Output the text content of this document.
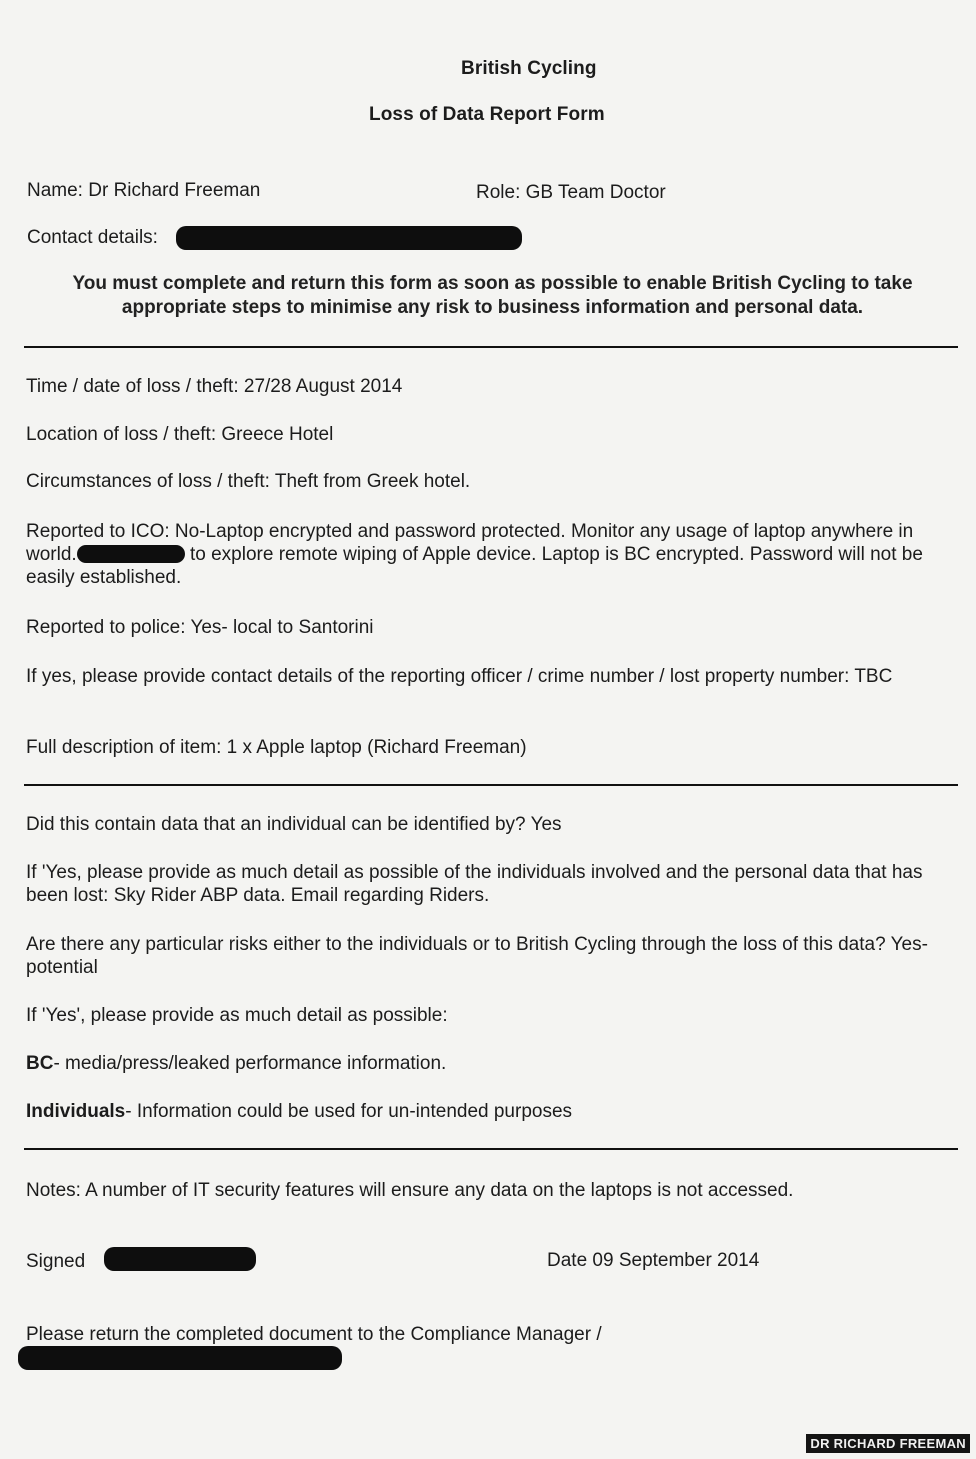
British Cycling
Loss of Data Report Form
Name: Dr Richard Freeman	Role: GB Team Doctor
Contact details:
You must complete and return this form as soon as possible to enable British Cycling to take appropriate steps to minimise any risk to business information and personal data.
Time / date of loss / theft: 27/28 August 2014
Location of loss / theft: Greece Hotel
Circumstances of loss / theft: Theft from Greek hotel.
Reported to ICO: No-Laptop encrypted and password protected. Monitor any usage of laptop anywhere in world.	to explore remote wiping of Apple device. Laptop is BC encrypted. Password will not be easily established.
Reported to police: Yes- local to Santorini
If yes, please provide contact details of the reporting officer / crime number / lost property number: TBC
Full description of item: 1 x Apple laptop (Richard Freeman)
Did this contain data that an individual can be identified by? Yes
If 'Yes, please provide as much detail as possible of the individuals involved and the personal data that has been lost: Sky Rider ABP data. Email regarding Riders.
Are there any particular risks either to the individuals or to British Cycling through the loss of this data? Yes- potential
If 'Yes', please provide as much detail as possible:
BC- media/press/leaked performance information.
Individuals- Information could be used for un-intended purposes
Notes: A number of IT security features will ensure any data on the laptops is not accessed.
Signed	Date 09 September 2014
Please return the completed document to the Compliance Manager /
DR RICHARD FREEMAN
